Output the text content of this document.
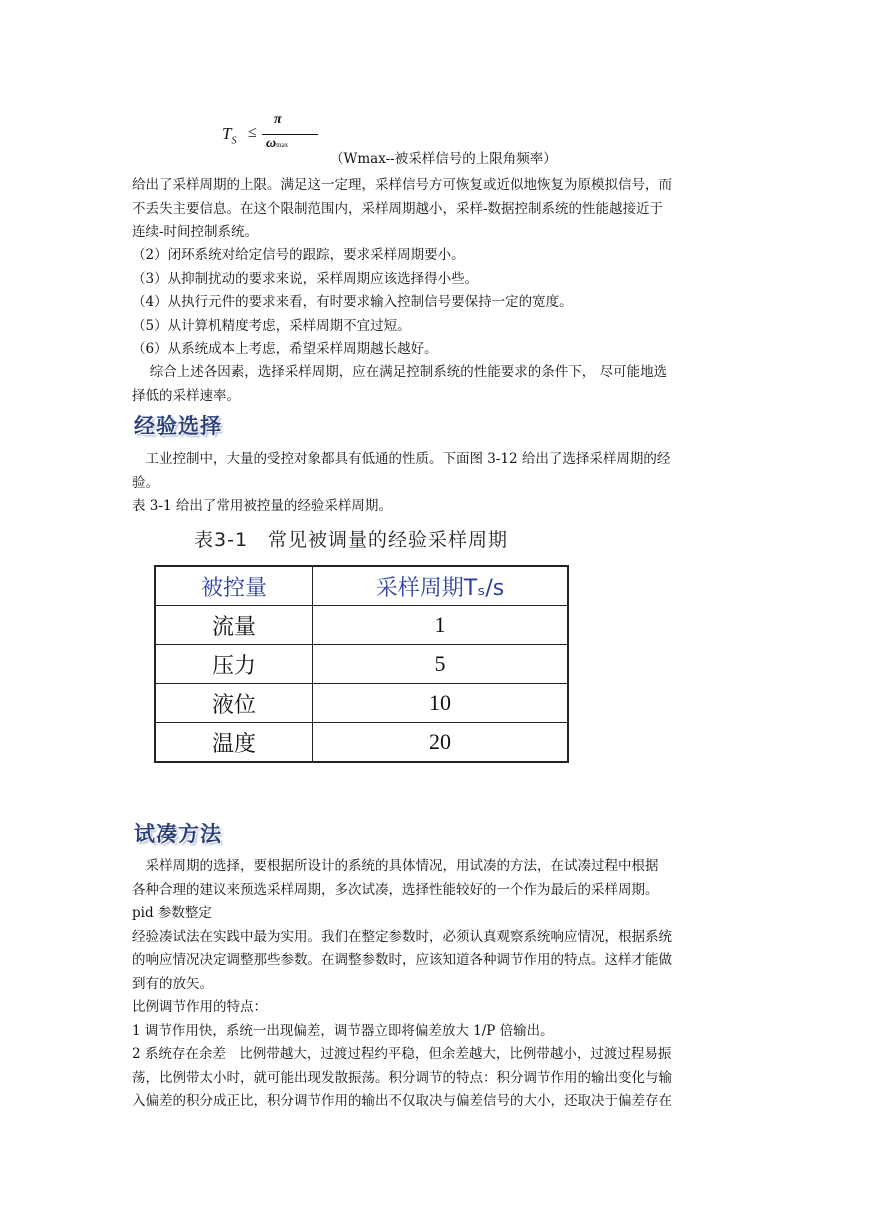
$T_S$ ≤
π
ωmax
（Wmax--被采样信号的上限角频率）

给出了采样周期的上限。满足这一定理，采样信号方可恢复或近似地恢复为原模拟信号，而
不丢失主要信息。在这个限制范围内，采样周期越小，采样-数据控制系统的性能越接近于
连续-时间控制系统。

（2）闭环系统对给定信号的跟踪，要求采样周期要小。
（3）从抑制扰动的要求来说，采样周期应该选择得小些。
（4）从执行元件的要求来看，有时要求输入控制信号要保持一定的宽度。
（5）从计算机精度考虑，采样周期不宜过短。
（6）从系统成本上考虑，希望采样周期越长越好。

　 综合上述各因素，选择采样周期，应在满足控制系统的性能要求的条件下， 尽可能地选
择低的采样速率。

经验选择

　工业控制中，大量的受控对象都具有低通的性质。下面图 3-12 给出了选择采样周期的经
验。
表 3-1 给出了常用被控量的经验采样周期。

表3-1　常见被调量的经验采样周期
被控量	采样周期Tₛ/s
流量	1
压力	5
液位	10
温度	20
试凑方法

　采样周期的选择，要根据所设计的系统的具体情况，用试凑的方法，在试凑过程中根据
各种合理的建议来预选采样周期，多次试凑，选择性能较好的一个作为最后的采样周期。
pid 参数整定
经验凑试法在实践中最为实用。我们在整定参数时，必须认真观察系统响应情况，根据系统
的响应情况决定调整那些参数。在调整参数时，应该知道各种调节作用的特点。这样才能做
到有的放矢。
比例调节作用的特点：
1 调节作用快，系统一出现偏差，调节器立即将偏差放大 1/P 倍输出。
2 系统存在余差　比例带越大，过渡过程约平稳，但余差越大，比例带越小，过渡过程易振
荡，比例带太小时，就可能出现发散振荡。积分调节的特点：积分调节作用的输出变化与输
入偏差的积分成正比，积分调节作用的输出不仅取决与偏差信号的大小，还取决于偏差存在
